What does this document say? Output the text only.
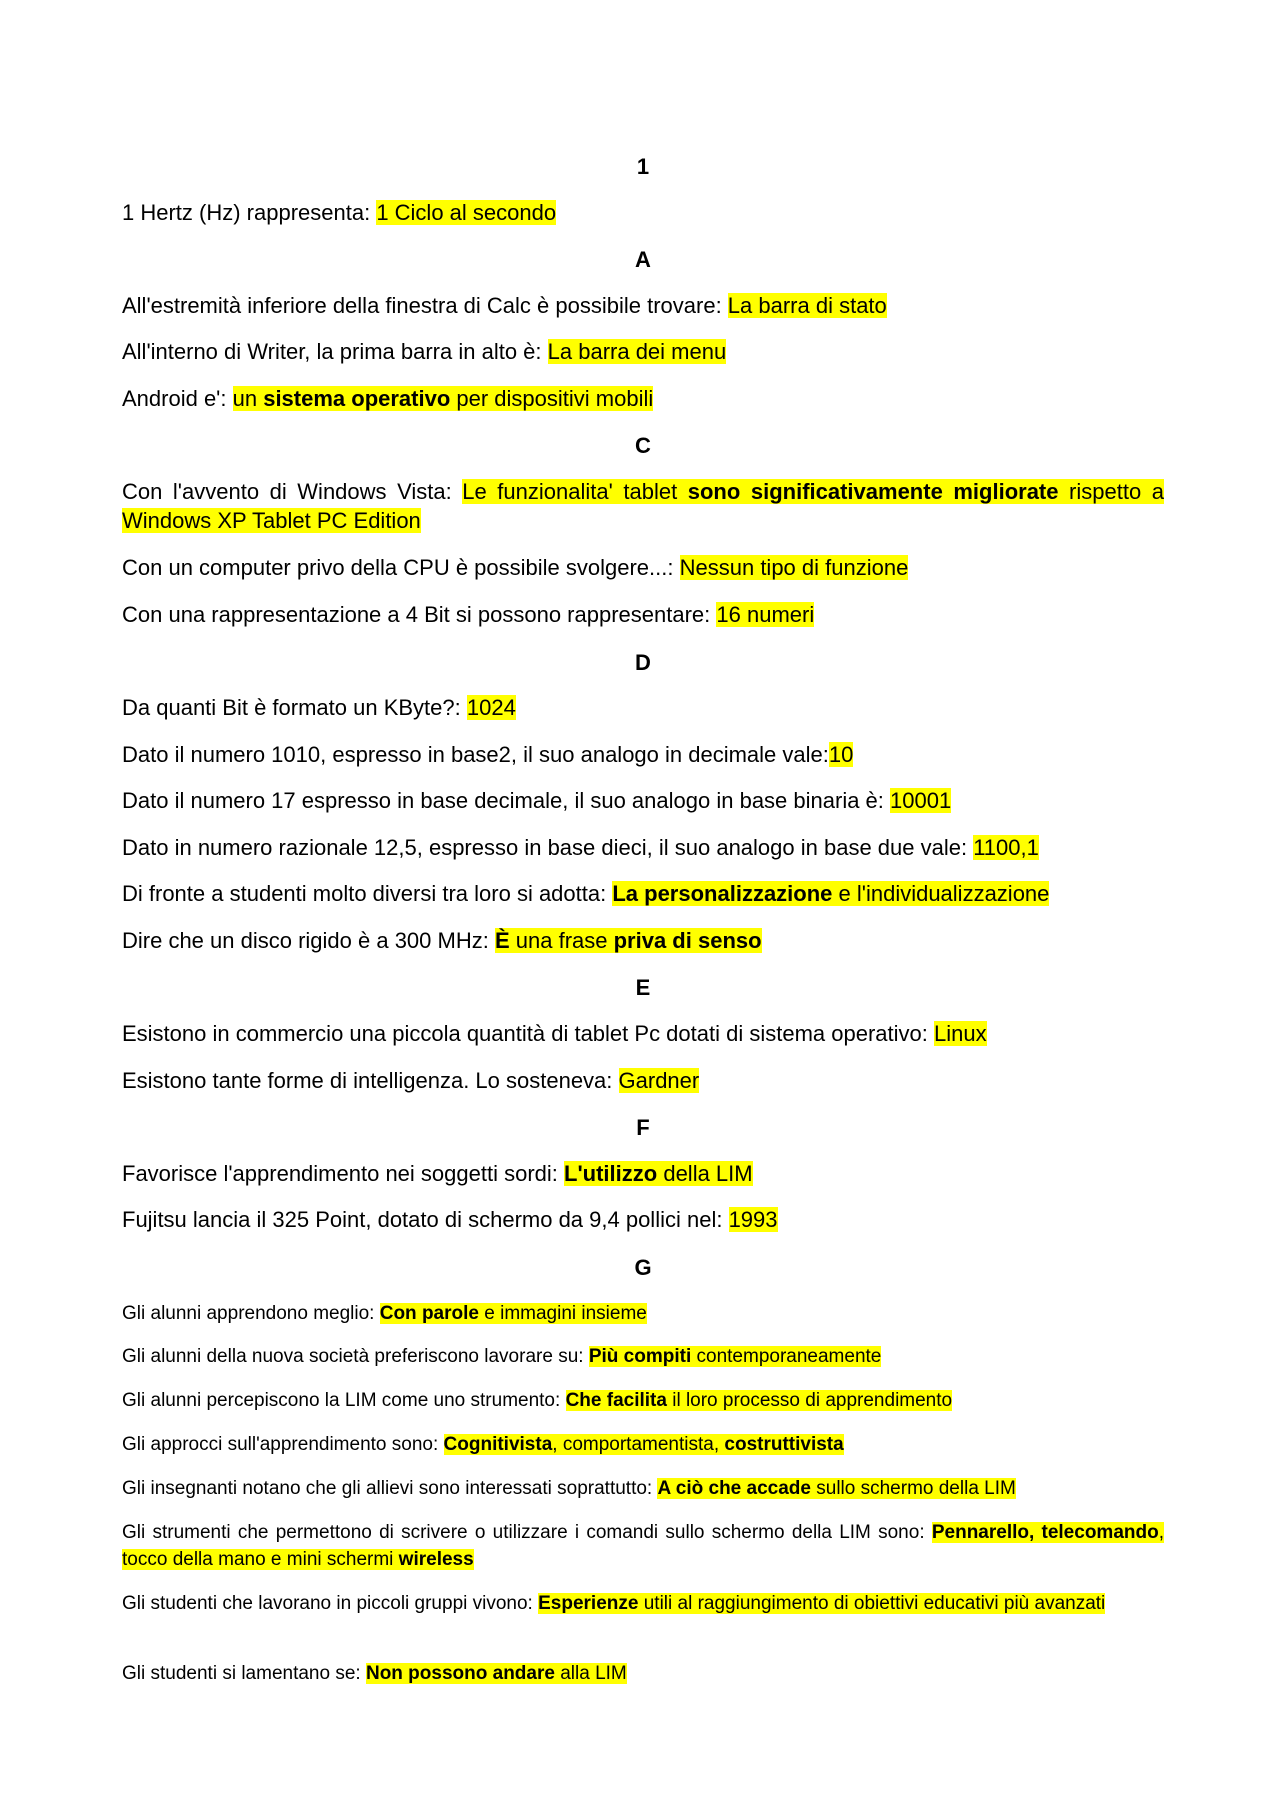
1
1 Hertz (Hz) rappresenta: 1 Ciclo al secondo
A
All'estremità inferiore della finestra di Calc è possibile trovare: La barra di stato
All'interno di Writer, la prima barra in alto è: La barra dei menu
Android e': un sistema operativo per dispositivi mobili
C
Con l'avvento di Windows Vista: Le funzionalita' tablet sono significativamente migliorate rispetto a Windows XP Tablet PC Edition
Con un computer privo della CPU è possibile svolgere...: Nessun tipo di funzione
Con una rappresentazione a 4 Bit si possono rappresentare: 16 numeri
D
Da quanti Bit è formato un KByte?: 1024
Dato il numero 1010, espresso in base2, il suo analogo in decimale vale:10
Dato il numero 17 espresso in base decimale, il suo analogo in base binaria è: 10001
Dato in numero razionale 12,5, espresso in base dieci, il suo analogo in base due vale: 1100,1
Di fronte a studenti molto diversi tra loro si adotta: La personalizzazione e l'individualizzazione
Dire che un disco rigido è a 300 MHz: È una frase priva di senso
E
Esistono in commercio una piccola quantità di tablet Pc dotati di sistema operativo: Linux
Esistono tante forme di intelligenza. Lo sosteneva: Gardner
F
Favorisce l'apprendimento nei soggetti sordi: L'utilizzo della LIM
Fujitsu lancia il 325 Point, dotato di schermo da 9,4 pollici nel: 1993
G
Gli alunni apprendono meglio: Con parole e immagini insieme
Gli alunni della nuova società preferiscono lavorare su: Più compiti contemporaneamente
Gli alunni percepiscono la LIM come uno strumento: Che facilita il loro processo di apprendimento
Gli approcci sull'apprendimento sono: Cognitivista, comportamentista, costruttivista
Gli insegnanti notano che gli allievi sono interessati soprattutto: A ciò che accade sullo schermo della LIM
Gli strumenti che permettono di scrivere o utilizzare i comandi sullo schermo della LIM sono: Pennarello, telecomando, tocco della mano e mini schermi wireless
Gli studenti che lavorano in piccoli gruppi vivono: Esperienze utili al raggiungimento di obiettivi educativi più avanzati
Gli studenti si lamentano se: Non possono andare alla LIM
